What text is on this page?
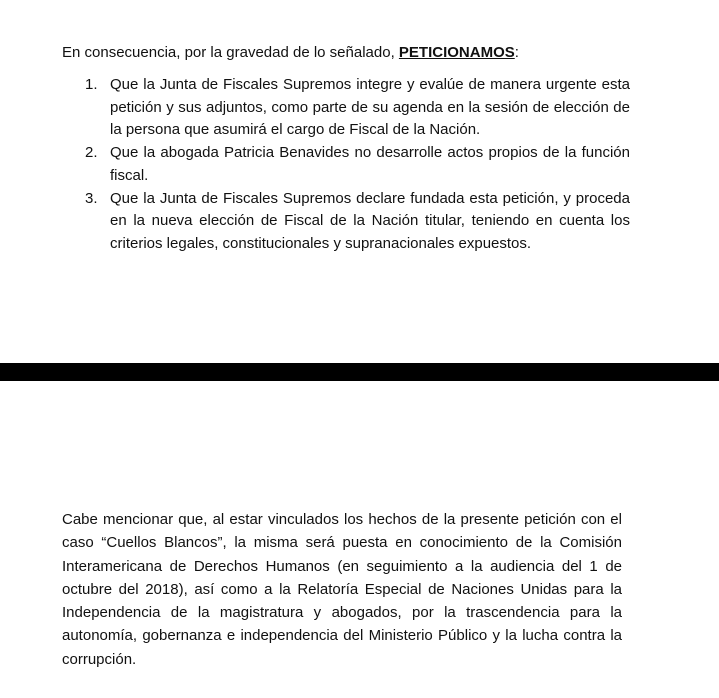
En consecuencia, por la gravedad de lo señalado, PETICIONAMOS:

1. Que la Junta de Fiscales Supremos integre y evalúe de manera urgente esta petición y sus adjuntos, como parte de su agenda en la sesión de elección de la persona que asumirá el cargo de Fiscal de la Nación.
2. Que la abogada Patricia Benavides no desarrolle actos propios de la función fiscal.
3. Que la Junta de Fiscales Supremos declare fundada esta petición, y proceda en la nueva elección de Fiscal de la Nación titular, teniendo en cuenta los criterios legales, constitucionales y supranacionales expuestos.

Cabe mencionar que, al estar vinculados los hechos de la presente petición con el caso “Cuellos Blancos”, la misma será puesta en conocimiento de la Comisión Interamericana de Derechos Humanos (en seguimiento a la audiencia del 1 de octubre del 2018), así como a la Relatoría Especial de Naciones Unidas para la Independencia de la magistratura y abogados, por la trascendencia para la autonomía, gobernanza e independencia del Ministerio Público y la lucha contra la corrupción.
